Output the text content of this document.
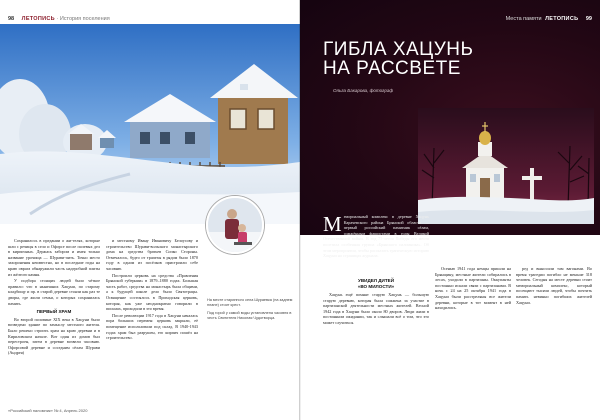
98 ЛЕТОПИСЬ · История поселения

Сохранилось в предании о жи-телях, которые шли с речицы в село и Офорсе после полевых дел в кирпичных. Держась забором и имея только название урочища — Шурави-пить. Точно место захоронения неизвестно, но в последние годы на краю оврага обнаружили часть надгробной плиты из жёлтого камня.

У подбора стоящих людей было чёткое правило: что в нынешних Хацуни, по старому кладбищу и пр. в старой деревне стояли как раз те дворы, где жили семьи, о которых сохранилась память.

ПЕРВЫЙ ХРАМ

Во второй половине XIX века в Хацуни было возведено здание по замыслу местного жителя. Было решено строить храм на краю деревни и в Кириловском начале. Вот один из домов был перестроен, затем в деревне возвели часовню. Офорсовой деревне и соседним сёлам Шурави (Андрея)

и местному Ивану Ивановичу Белоусову и строительство Шурави-вольского монастырского дома на средства братьев Сопко Стороны. Отмечалось, будто от трапезы в рядом было 1870 году в одном из посёлков пристроили себе часовню.

Построили церковь на средства «Правления Брянской губернии» в 1879–1880 годах. Большая часть работ, средства на монастырь была общими, а к будущей школе дело было Святотрацы. Освящение состоялось в Приходская церковь, которая, как уже неоднократно говорили в письмах, приходили в это время.

После революции 1917 года в Хацуни началась пора больших перемен: церковь закрыли, её помещение использовали под склад. В 1940-1943 годах храм был разрушен, его кирпич пошёл на строительство.

На месте старинного села Шураевка (на заднем плане) стоит крест.

Под горой у самой воды установлена часовня в честь Святителя Николая Чудотворца.

«Российский паломник» № 4, Апрель 2020
Места памяти ЛЕТОПИСЬ 99
ГИБЛА ХАЦУНЬ
НА РАССВЕТЕ
Ольга Бакарова, фотограф
М емориальный комплекс в деревне Хацунь Карачевского района Брянской области — первый российский памятник сёлам, сожжённым фашистами в годы Великой Отечественной войны. В год 75-летия Победы его место посетила особенная группа «Брянского паломника». Об этом мероприятии, чтобы рассказать трагическую историю Хацуни на страницах журнала.
РАССТРЕЛЯННАЯ В ГОДЫ ВТОРОЙ МИРОВОЙ ВОЙНЫ БРЯНСКАЯ ДЕРЕВНЯ – СИМВОЛ НАРОДНОЙ ТРАГЕДИИ
УВИДЕЛ ДИТЕЙ
«ВО МИЛОСТИ»

Хацунь ещё помнят старую Хацунь — большую старую деревню, которая была сожжена за участие в партизанской деятельности местных жителей. Весной 1942 года в Хацуни было около 80 дворов. Люди жили в постоянном ожидании, так и слышали всё о том, что это может случиться.

Осенью 1941 года немцы пришли на Брянщину, местные жители собирались в лесах, уходили в партизаны. Оккупанты постоянно искали связи с партизанами. В ночь с 24 на 25 октября 1941 года в Хацуни были расстреляны все жители деревни, которые в тот момент в ней находились.

ред и выносили там вагонами. Во время трагедии погибло не меньше 318 человек. Сегодня на месте деревни стоит мемориальный комплекс, который посещают тысячи людей, чтобы почтить память невинно погибших жителей Хацуни.
